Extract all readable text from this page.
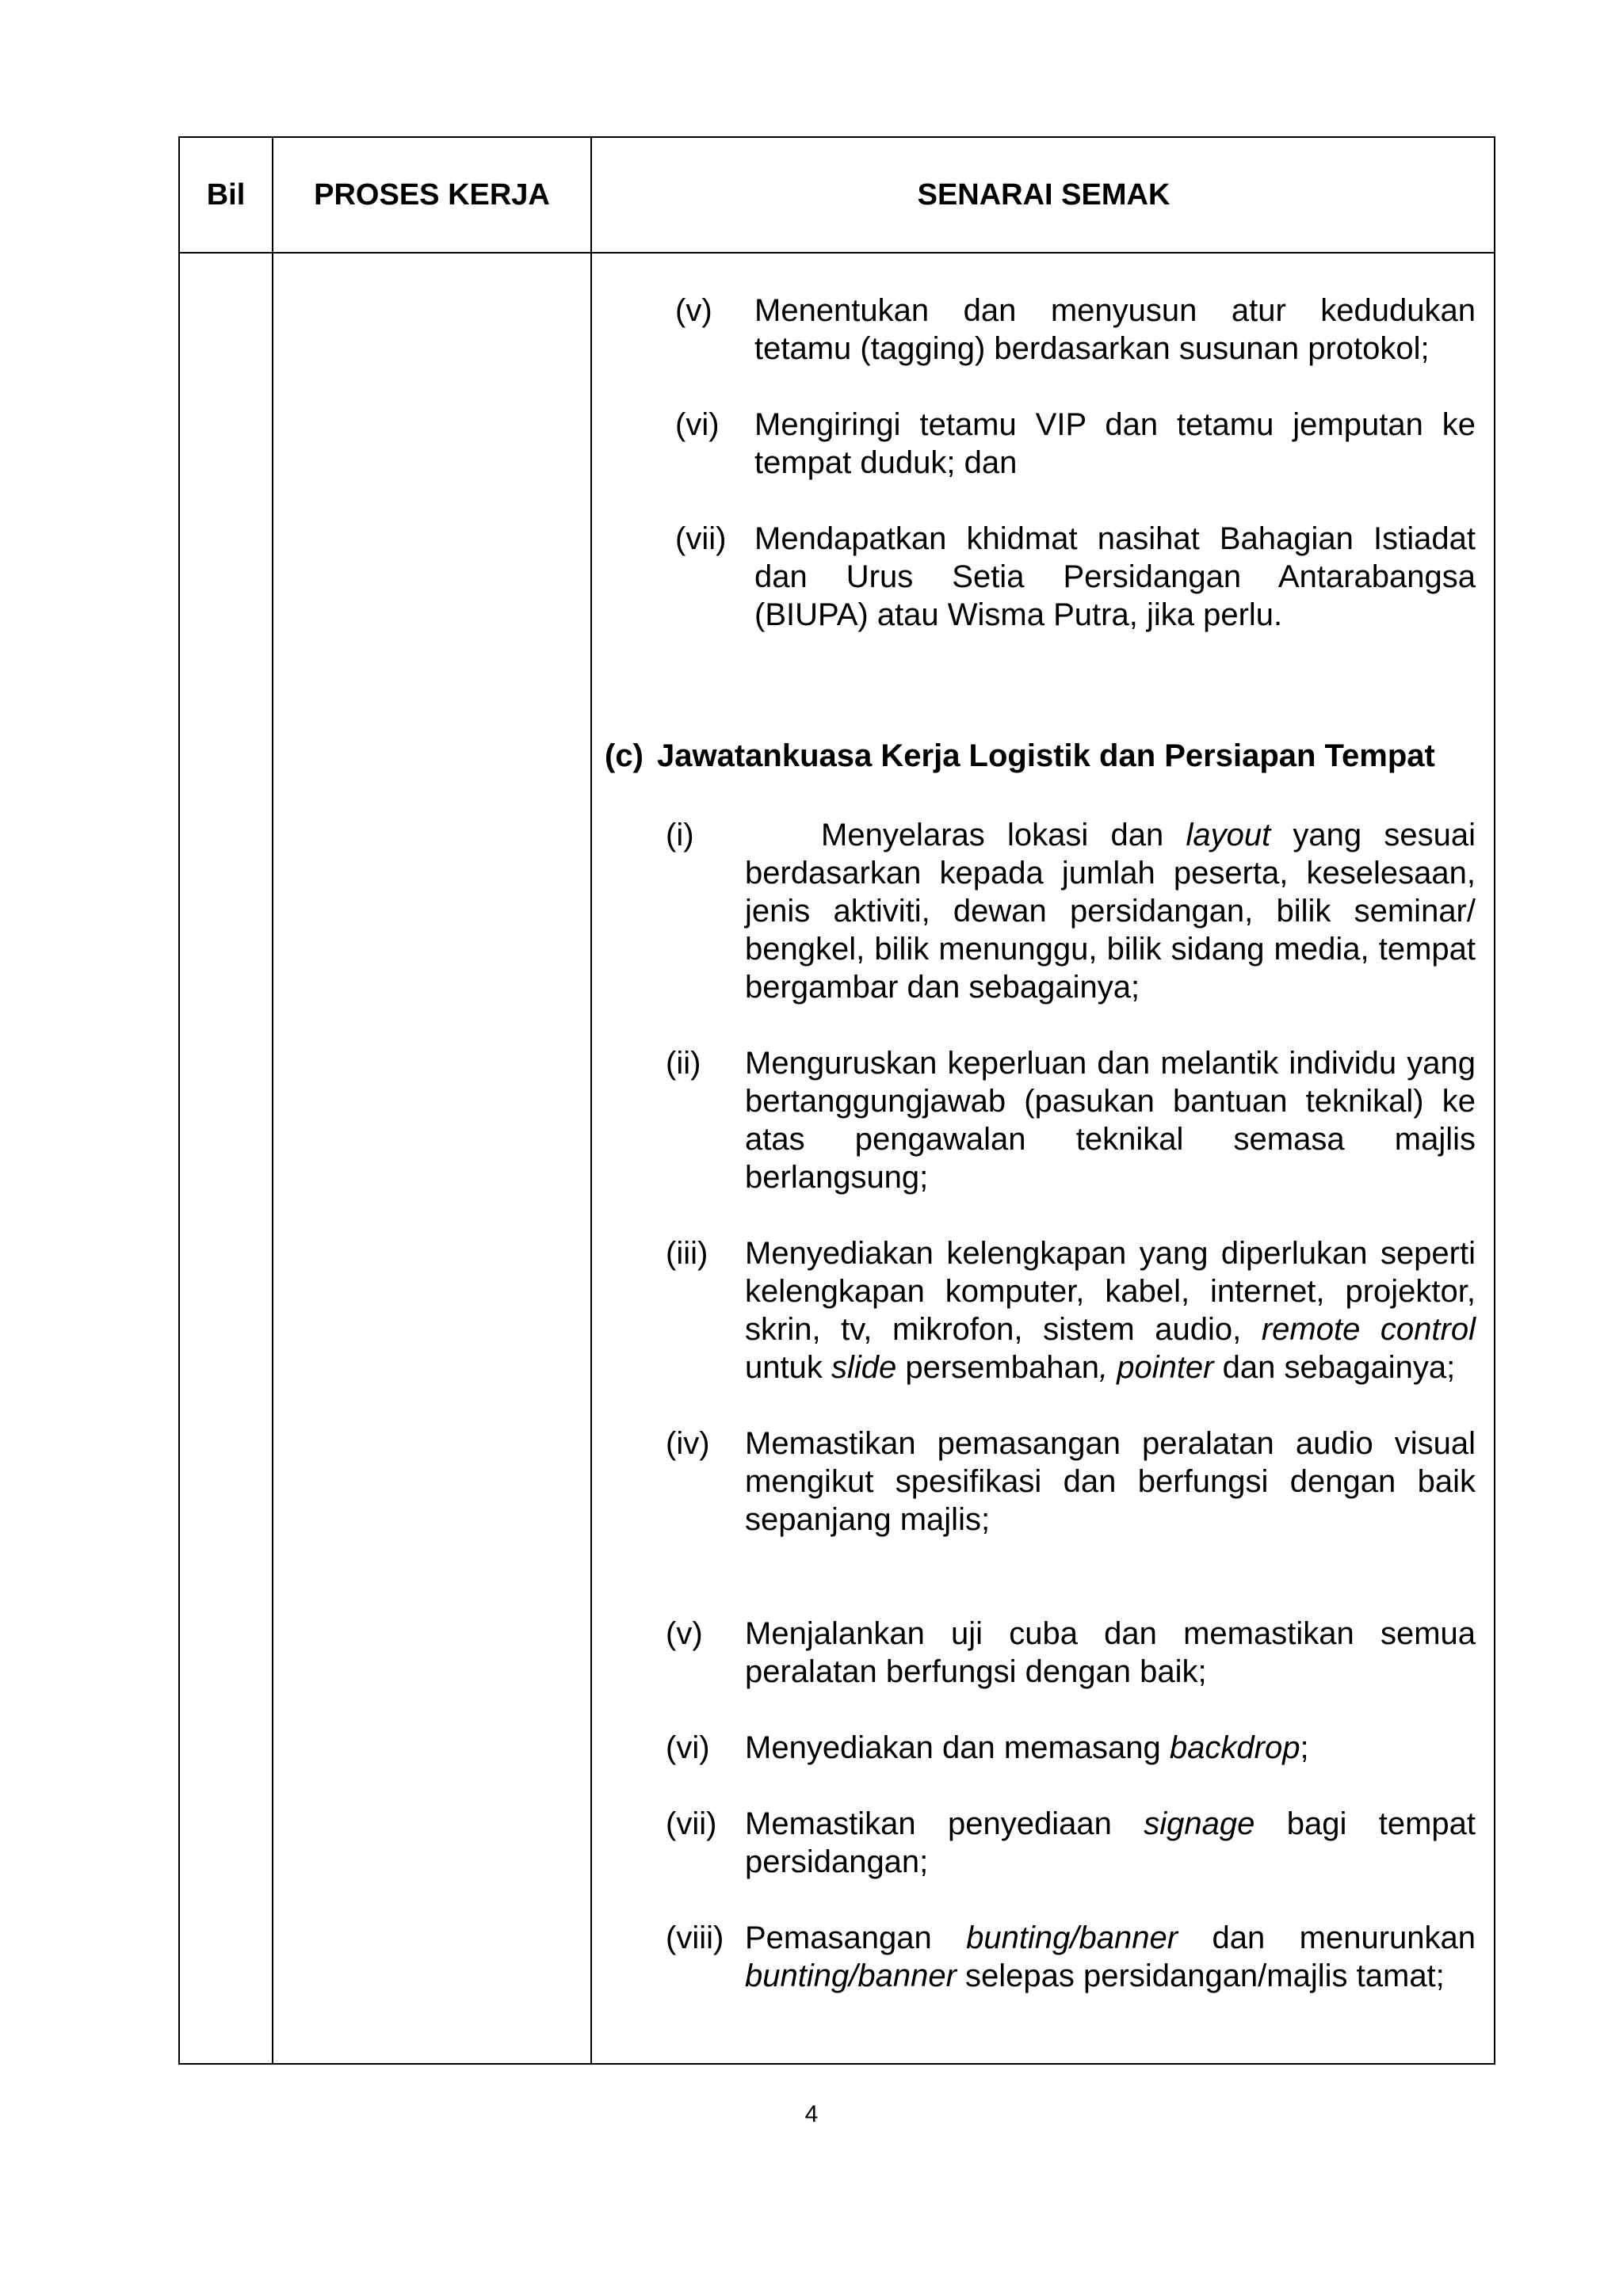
Bil	PROSES KERJA	SENARAI SEMAK
(v)	Menentukan dan menyusun atur kedudukan tetamu (tagging) berdasarkan susunan protokol;
(vi)	Mengiringi tetamu VIP dan tetamu jemputan ke tempat duduk; dan
(vii) Mendapatkan khidmat nasihat Bahagian Istiadat dan Urus Setia Persidangan Antarabangsa (BIUPA) atau Wisma Putra, jika perlu.
(c) Jawatankuasa Kerja Logistik dan Persiapan Tempat
(i)	Menyelaras lokasi dan layout yang sesuai berdasarkan kepada jumlah peserta, keselesaan, jenis aktiviti, dewan persidangan, bilik seminar/ bengkel, bilik menunggu, bilik sidang media, tempat bergambar dan sebagainya;
(ii)	Menguruskan keperluan dan melantik individu yang bertanggungjawab (pasukan bantuan teknikal) ke atas pengawalan teknikal semasa majlis berlangsung;
(iii)	Menyediakan kelengkapan yang diperlukan seperti kelengkapan komputer, kabel, internet, projektor, skrin, tv, mikrofon, sistem audio, remote control untuk slide persembahan, pointer dan sebagainya;
(iv)	Memastikan pemasangan peralatan audio visual mengikut spesifikasi dan berfungsi dengan baik sepanjang majlis;
(v)	Menjalankan uji cuba dan memastikan semua peralatan berfungsi dengan baik;
(vi)	Menyediakan dan memasang backdrop;
(vii) Memastikan penyediaan signage bagi tempat persidangan;
(viii) Pemasangan bunting/banner dan menurunkan bunting/banner selepas persidangan/majlis tamat;
4
